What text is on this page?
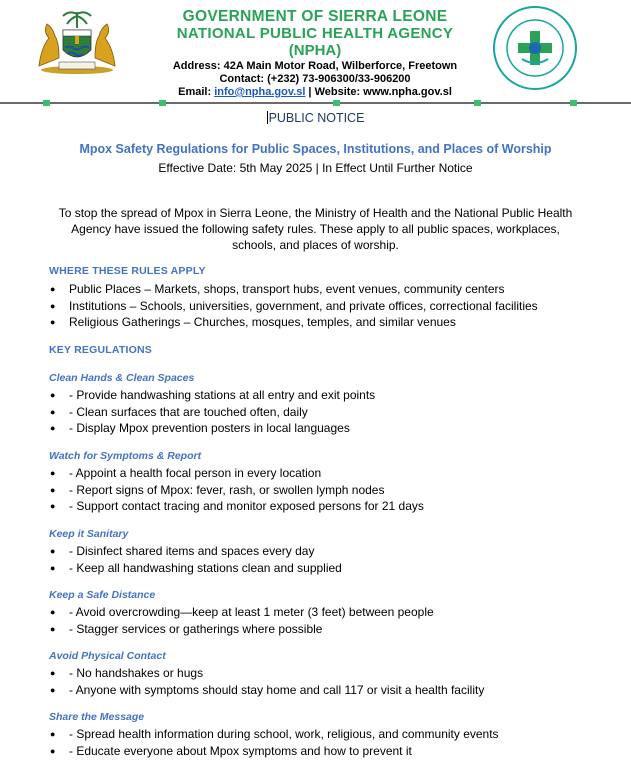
GOVERNMENT OF SIERRA LEONE
NATIONAL PUBLIC HEALTH AGENCY
(NPHA)
Address: 42A Main Motor Road, Wilberforce, Freetown
Contact: (+232) 73-906300/33-906200
Email: info@npha.gov.sl | Website: www.npha.gov.sl
PUBLIC NOTICE
Mpox Safety Regulations for Public Spaces, Institutions, and Places of Worship
Effective Date: 5th May 2025 | In Effect Until Further Notice
To stop the spread of Mpox in Sierra Leone, the Ministry of Health and the National Public Health Agency have issued the following safety rules. These apply to all public spaces, workplaces, schools, and places of worship.
WHERE THESE RULES APPLY
● Public Places – Markets, shops, transport hubs, event venues, community centers
● Institutions – Schools, universities, government, and private offices, correctional facilities
● Religious Gatherings – Churches, mosques, temples, and similar venues
KEY REGULATIONS
Clean Hands & Clean Spaces
● - Provide handwashing stations at all entry and exit points
● - Clean surfaces that are touched often, daily
● - Display Mpox prevention posters in local languages
Watch for Symptoms & Report
● - Appoint a health focal person in every location
● - Report signs of Mpox: fever, rash, or swollen lymph nodes
● - Support contact tracing and monitor exposed persons for 21 days
Keep it Sanitary
● - Disinfect shared items and spaces every day
● - Keep all handwashing stations clean and supplied
Keep a Safe Distance
● - Avoid overcrowding—keep at least 1 meter (3 feet) between people
● - Stagger services or gatherings where possible
Avoid Physical Contact
● - No handshakes or hugs
● - Anyone with symptoms should stay home and call 117 or visit a health facility
Share the Message
● - Spread health information during school, work, religious, and community events
● - Educate everyone about Mpox symptoms and how to prevent it
